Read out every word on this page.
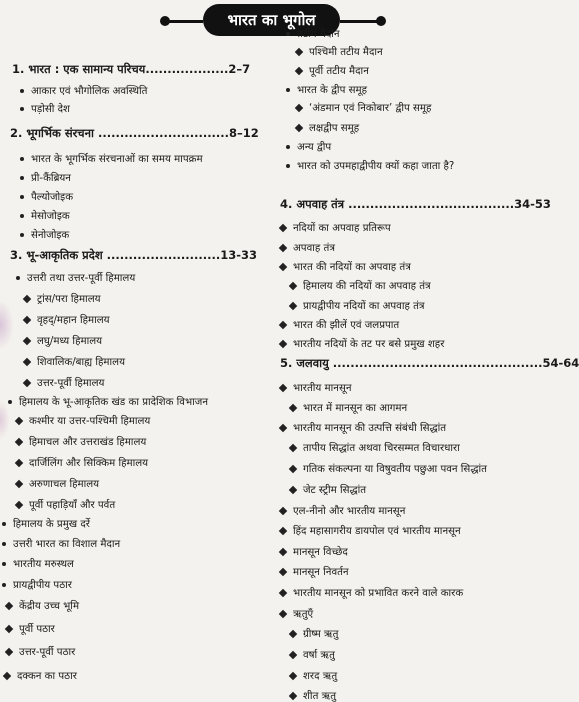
भारत का भूगोल
1. भारत : एक सामान्य परिचय...................2–7
आकार एवं भौगोलिक अवस्थिति
पड़ोसी देश
2. भूगर्भिक संरचना ..............................8–12
भारत के भूगर्भिक संरचनाओं का समय मापक्रम
प्री-कैंब्रियन
पैल्योजोइक
मेसोजोइक
सेनोजोइक
3. भू-आकृतिक प्रदेश ..........................13-33
उत्तरी तथा उत्तर-पूर्वी हिमालय
ट्रांस/परा हिमालय
वृहद्/महान हिमालय
लघु/मध्य हिमालय
शिवालिक/बाह्य हिमालय
उत्तर-पूर्वी हिमालय
हिमालय के भू-आकृतिक खंड का प्रादेशिक विभाजन
कश्मीर या उत्तर-पश्चिमी हिमालय
हिमाचल और उत्तराखंड हिमालय
दार्जिलिंग और सिक्किम हिमालय
अरुणाचल हिमालय
पूर्वी पहाड़ियाँ और पर्वत
हिमालय के प्रमुख दर्रे
उत्तरी भारत का विशाल मैदान
भारतीय मरुस्थल
प्रायद्वीपीय पठार
केंद्रीय उच्च भूमि
पूर्वी पठार
उत्तर-पूर्वी पठार
दक्कन का पठार
तटीय मैदान
पश्चिमी तटीय मैदान
पूर्वी तटीय मैदान
भारत के द्वीप समूह
‘अंडमान एवं निकोबार’ द्वीप समूह
लक्षद्वीप समूह
अन्य द्वीप
भारत को उपमहाद्वीपीय क्यों कहा जाता है?
4. अपवाह तंत्र ......................................34-53
नदियों का अपवाह प्रतिरूप
अपवाह तंत्र
भारत की नदियों का अपवाह तंत्र
हिमालय की नदियों का अपवाह तंत्र
प्रायद्वीपीय नदियों का अपवाह तंत्र
भारत की झीलें एवं जलप्रपात
भारतीय नदियों के तट पर बसे प्रमुख शहर
5. जलवायु ................................................54-64
भारतीय मानसून
भारत में मानसून का आगमन
भारतीय मानसून की उत्पत्ति संबंधी सिद्धांत
तापीय सिद्धांत अथवा चिरसम्मत विचारधारा
गतिक संकल्पना या विषुवतीय पछुआ पवन सिद्धांत
जेट स्ट्रीम सिद्धांत
एल-नीनो और भारतीय मानसून
हिंद महासागरीय डायपोल एवं भारतीय मानसून
मानसून विच्छेद
मानसून निवर्तन
भारतीय मानसून को प्रभावित करने वाले कारक
ऋतुएँ
ग्रीष्म ऋतु
वर्षा ऋतु
शरद ऋतु
शीत ऋतु
